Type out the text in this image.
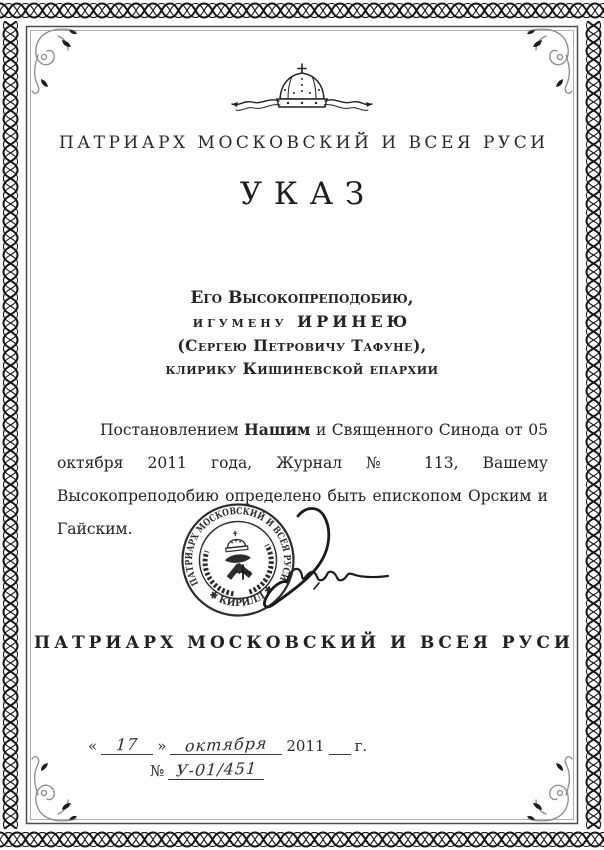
ПАТРИАРХ МОСКОВСКИЙ И ВСЕЯ РУСИ
УКАЗ
Его Высокопреподобию,
игумену ИРИНЕЮ
(Сергею Петровичу Тафуне),
клирику Кишиневской епархии
Постановлением Нашим и Священного Синода от 05 октября 2011 года, Журнал № 113, Вашему Высокопреподобию определено быть епископом Орским и Гайским.
ПАТРИАРХ МОСКОВСКИЙ И ВСЕЯ РУСИ
✱ КИРИЛЛ ✱
ПАТРИАРХ МОСКОВСКИЙ И ВСЕЯ РУСИ
«	17	»	октября	2011 г.
№ У-01/451
